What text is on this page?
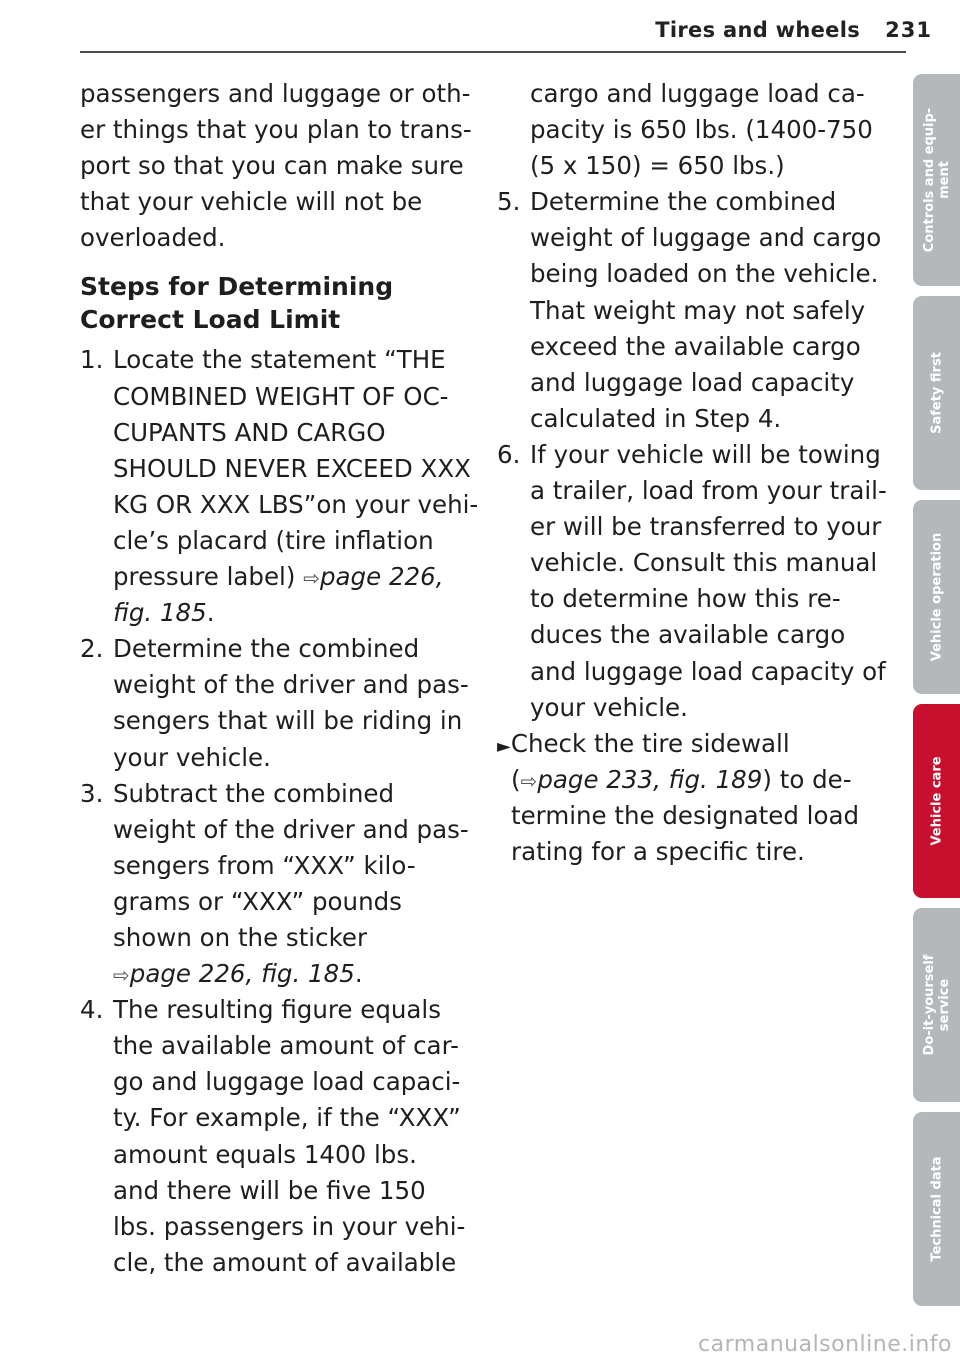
Tires and wheels 231
passengers and luggage or oth-
er things that you plan to trans-
port so that you can make sure
that your vehicle will not be
overloaded.
Steps for Determining
Correct Load Limit
1. Locate the statement “THE
COMBINED WEIGHT OF OC-
CUPANTS AND CARGO
SHOULD NEVER EXCEED XXX
KG OR XXX LBS”on your vehi-
cle’s placard (tire inflation
pressure label) ⇨page 226,
fig. 185.
2. Determine the combined
weight of the driver and pas-
sengers that will be riding in
your vehicle.
3. Subtract the combined
weight of the driver and pas-
sengers from “XXX” kilo-
grams or “XXX” pounds
shown on the sticker
⇨page 226, fig. 185.
4. The resulting figure equals
the available amount of car-
go and luggage load capaci-
ty. For example, if the “XXX”
amount equals 1400 lbs.
and there will be five 150
lbs. passengers in your vehi-
cle, the amount of available
cargo and luggage load ca-
pacity is 650 lbs. (1400-750
(5 x 150) = 650 lbs.)
5. Determine the combined
weight of luggage and cargo
being loaded on the vehicle.
That weight may not safely
exceed the available cargo
and luggage load capacity
calculated in Step 4.
6. If your vehicle will be towing
a trailer, load from your trail-
er will be transferred to your
vehicle. Consult this manual
to determine how this re-
duces the available cargo
and luggage load capacity of
your vehicle.
►Check the tire sidewall
(⇨page 233, fig. 189) to de-
termine the designated load
rating for a specific tire.
Controls and equip-
ment
Safety first
Vehicle operation
Vehicle care
Do-it-yourself
service
Technical data
carmanualsonline.info
